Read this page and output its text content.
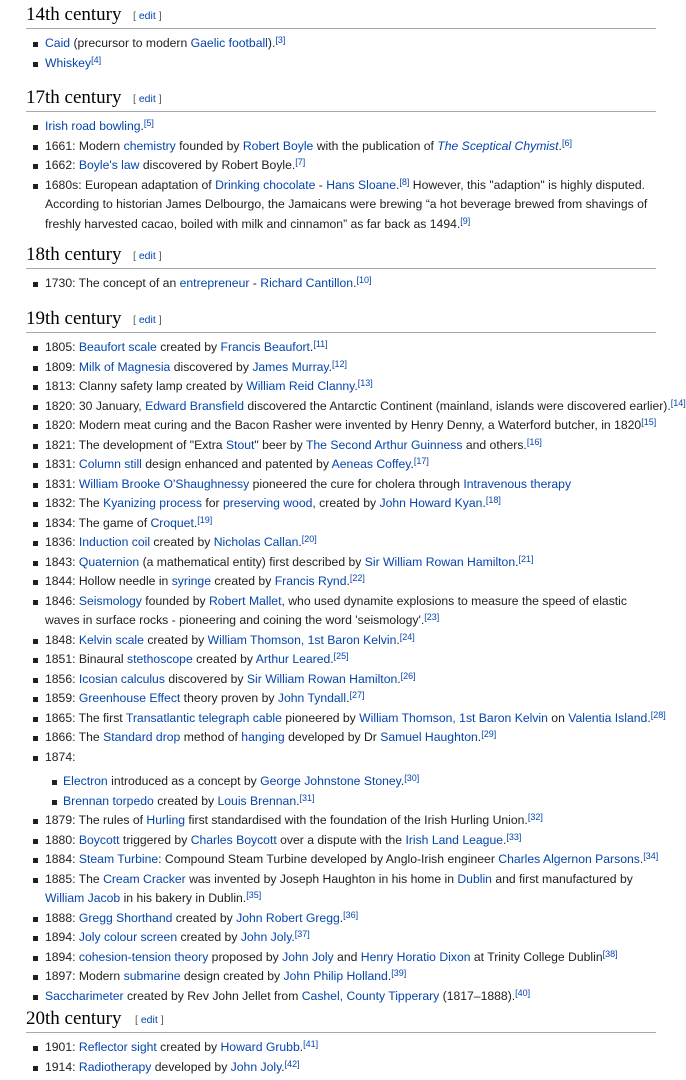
14th century [ edit ]
Caid (precursor to modern Gaelic football).[3]
Whiskey[4]
17th century [ edit ]
Irish road bowling.[5]
1661: Modern chemistry founded by Robert Boyle with the publication of The Sceptical Chymist.[6]
1662: Boyle's law discovered by Robert Boyle.[7]
1680s: European adaptation of Drinking chocolate - Hans Sloane.[8] However, this "adaption" is highly disputed. According to historian James Delbourgo, the Jamaicans were brewing “a hot beverage brewed from shavings of freshly harvested cacao, boiled with milk and cinnamon” as far back as 1494.[9]
18th century [ edit ]
1730: The concept of an entrepreneur - Richard Cantillon.[10]
19th century [ edit ]
1805: Beaufort scale created by Francis Beaufort.[11]
1809: Milk of Magnesia discovered by James Murray.[12]
1813: Clanny safety lamp created by William Reid Clanny.[13]
1820: 30 January, Edward Bransfield discovered the Antarctic Continent (mainland, islands were discovered earlier).[14]
1820: Modern meat curing and the Bacon Rasher were invented by Henry Denny, a Waterford butcher, in 1820[15]
1821: The development of "Extra Stout" beer by The Second Arthur Guinness and others.[16]
1831: Column still design enhanced and patented by Aeneas Coffey.[17]
1831: William Brooke O'Shaughnessy pioneered the cure for cholera through Intravenous therapy
1832: The Kyanizing process for preserving wood, created by John Howard Kyan.[18]
1834: The game of Croquet.[19]
1836: Induction coil created by Nicholas Callan.[20]
1843: Quaternion (a mathematical entity) first described by Sir William Rowan Hamilton.[21]
1844: Hollow needle in syringe created by Francis Rynd.[22]
1846: Seismology founded by Robert Mallet, who used dynamite explosions to measure the speed of elastic waves in surface rocks - pioneering and coining the word 'seismology'.[23]
1848: Kelvin scale created by William Thomson, 1st Baron Kelvin.[24]
1851: Binaural stethoscope created by Arthur Leared.[25]
1856: Icosian calculus discovered by Sir William Rowan Hamilton.[26]
1859: Greenhouse Effect theory proven by John Tyndall.[27]
1865: The first Transatlantic telegraph cable pioneered by William Thomson, 1st Baron Kelvin on Valentia Island.[28]
1866: The Standard drop method of hanging developed by Dr Samuel Haughton.[29]
1874:
Electron introduced as a concept by George Johnstone Stoney.[30]
Brennan torpedo created by Louis Brennan.[31]
1879: The rules of Hurling first standardised with the foundation of the Irish Hurling Union.[32]
1880: Boycott triggered by Charles Boycott over a dispute with the Irish Land League.[33]
1884: Steam Turbine: Compound Steam Turbine developed by Anglo-Irish engineer Charles Algernon Parsons.[34]
1885: The Cream Cracker was invented by Joseph Haughton in his home in Dublin and first manufactured by William Jacob in his bakery in Dublin.[35]
1888: Gregg Shorthand created by John Robert Gregg.[36]
1894: Joly colour screen created by John Joly.[37]
1894: cohesion-tension theory proposed by John Joly and Henry Horatio Dixon at Trinity College Dublin[38]
1897: Modern submarine design created by John Philip Holland.[39]
Saccharimeter created by Rev John Jellet from Cashel, County Tipperary (1817–1888).[40]
20th century [ edit ]
1901: Reflector sight created by Howard Grubb.[41]
1914: Radiotherapy developed by John Joly.[42]
